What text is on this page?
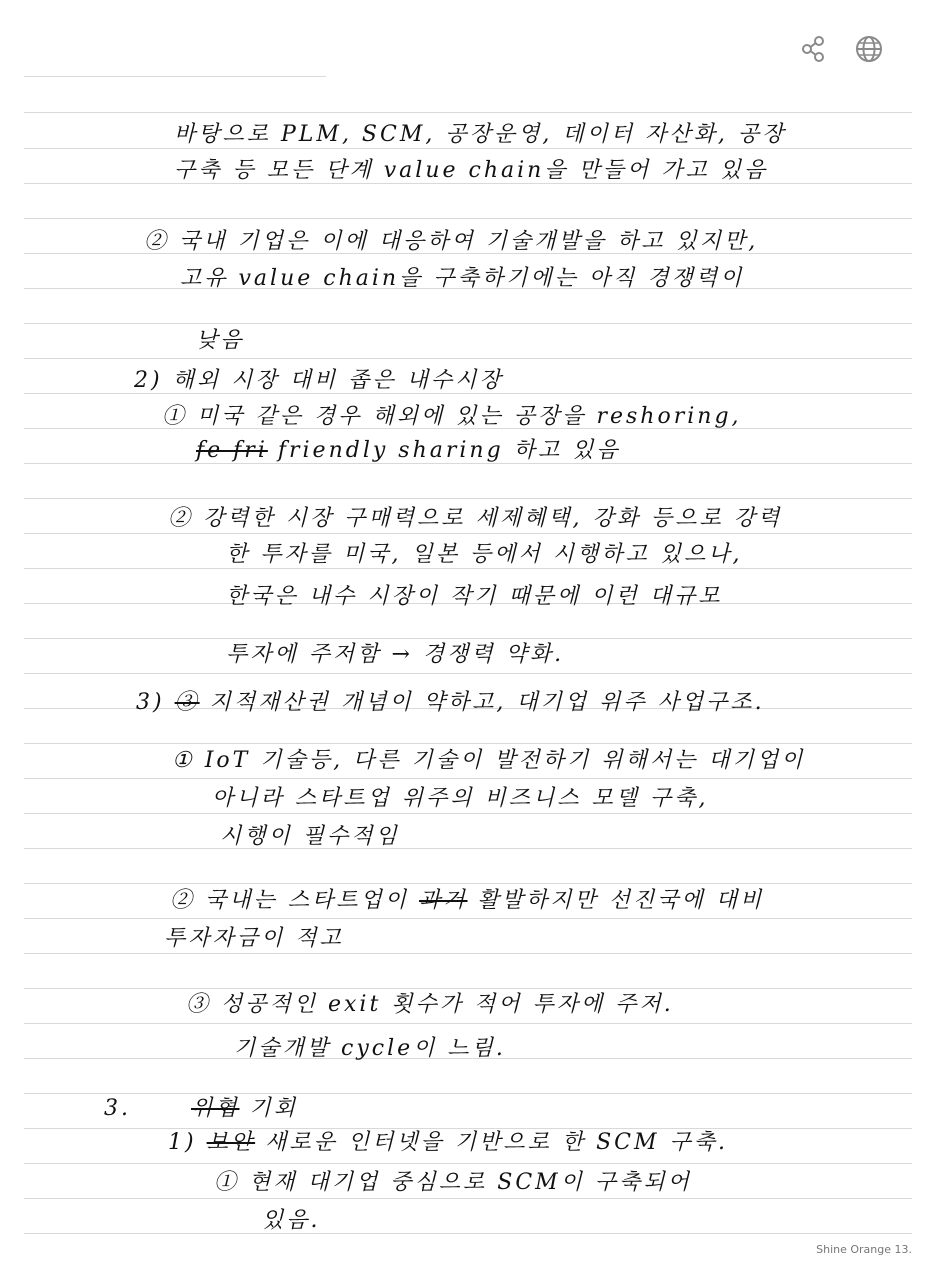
바탕으로 PLM, SCM, 공장운영, 데이터 자산화, 공장
구축 등 모든 단계 value chain을 만들어 가고 있음
② 국내 기업은 이에 대응하여 기술개발을 하고 있지만,
고유 value chain을 구축하기에는 아직 경쟁력이
낮음
2) 해외 시장 대비 좁은 내수시장
① 미국 같은 경우 해외에 있는 공장을 reshoring,
fe fri friendly sharing 하고 있음
② 강력한 시장 구매력으로 세제혜택, 강화 등으로 강력
한 투자를 미국, 일본 등에서 시행하고 있으나,
한국은 내수 시장이 작기 때문에 이런 대규모
투자에 주저함 → 경쟁력 약화.
3) ③ 지적재산권 개념이 약하고, 대기업 위주 사업구조.
① IoT 기술등, 다른 기술이 발전하기 위해서는 대기업이
아니라 스타트업 위주의 비즈니스 모델 구축,
시행이 필수적임
② 국내는 스타트업이 과거 활발하지만 선진국에 대비
투자자금이 적고
③ 성공적인 exit 횟수가 적어 투자에 주저.
기술개발 cycle이 느림.
3.	위협 기회
1) 보안 새로운 인터넷을 기반으로 한 SCM 구축.
① 현재 대기업 중심으로 SCM이 구축되어
있음.
Shine Orange 13.
